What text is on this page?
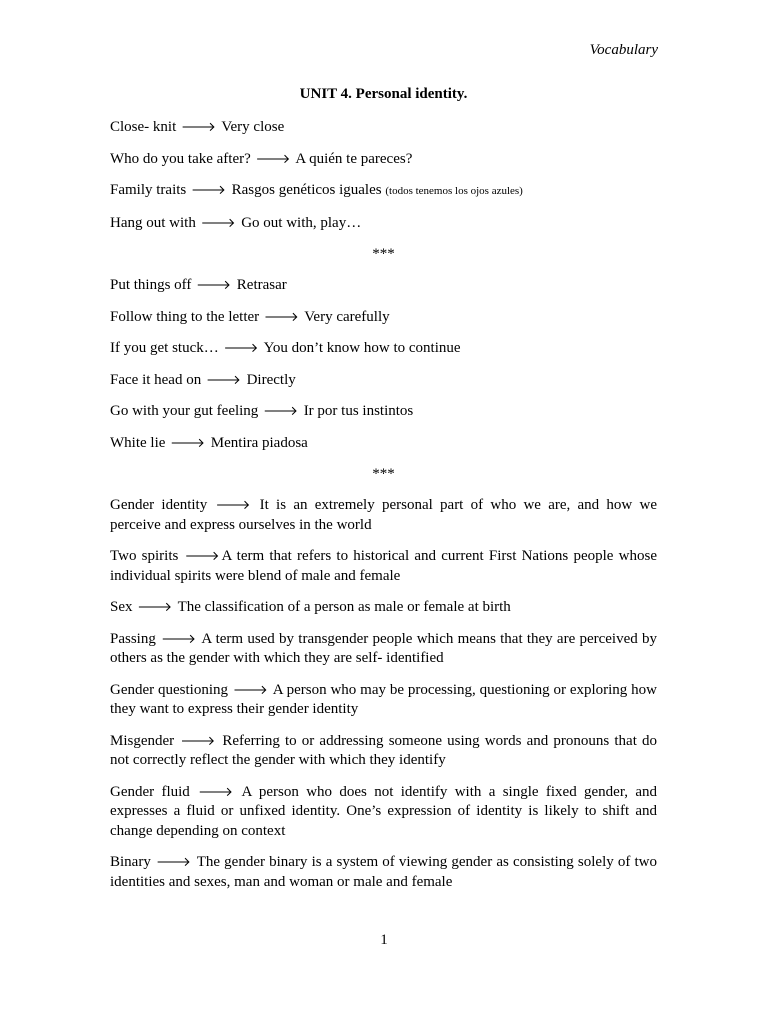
Vocabulary
UNIT 4. Personal identity.

Close- knit 🡒 Very close

Who do you take after? 🡒 A quién te pareces?

Family traits 🡒 Rasgos genéticos iguales (todos tenemos los ojos azules)

Hang out with 🡒 Go out with, play…

***

Put things off 🡒 Retrasar

Follow thing to the letter 🡒 Very carefully

If you get stuck… 🡒 You don’t know how to continue

Face it head on 🡒 Directly

Go with your gut feeling 🡒 Ir por tus instintos

White lie 🡒 Mentira piadosa

***

Gender identity 🡒 It is an extremely personal part of who we are, and how we perceive and express ourselves in the world

Two spirits 🡒 A term that refers to historical and current First Nations people whose individual spirits were blend of male and female

Sex 🡒 The classification of a person as male or female at birth

Passing 🡒 A term used by transgender people which means that they are perceived by others as the gender with which they are self- identified

Gender questioning 🡒 A person who may be processing, questioning or exploring how they want to express their gender identity

Misgender 🡒 Referring to or addressing someone using words and pronouns that do not correctly reflect the gender with which they identify

Gender fluid 🡒 A person who does not identify with a single fixed gender, and expresses a fluid or unfixed identity. One’s expression of identity is likely to shift and change depending on context

Binary 🡒 The gender binary is a system of viewing gender as consisting solely of two identities and sexes, man and woman or male and female

1
